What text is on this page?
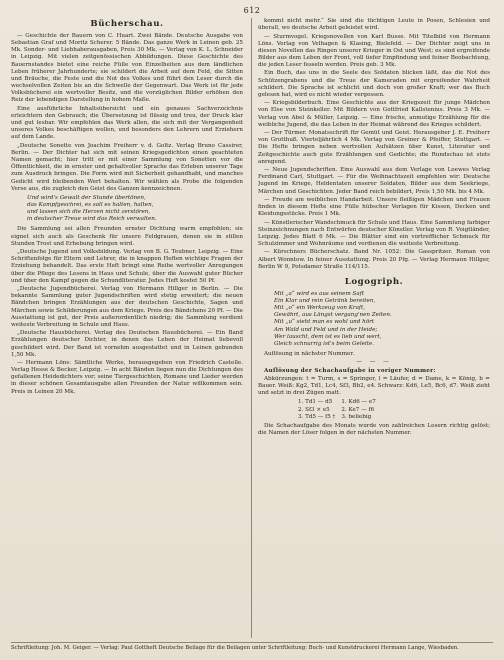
612
Bücherschau.
— Geschichte der Bauern von C. Huart. Zwei Bände. Deutsche Ausgabe von Sebastian Graf und Moritz Scherer. 5 Bände. Das ganze Werk in Leinen geb. 25 Mk. Sonder- und Liebhaberausgaben, Preis 30 Mk. — Verlag von K. L. Schneider in Leipzig. Mit vielen zeitgenössischen Abbildungen. Diese Geschichte des Bauernstandes bietet eine reiche Fülle von Einzelheiten aus dem ländlichen Leben früherer Jahrhunderte; sie schildert die Arbeit auf dem Feld, die Sitten und Bräuche, die Feste und die Not des Volkes und führt den Leser durch die wechselvollen Zeiten bis an die Schwelle der Gegenwart. Das Werk ist für jede Volksbücherei ein wertvoller Besitz, und die vorzüglichen Bilder erhöhen den Reiz der lebendigen Darstellung in hohem Maße.
Eine ausführliche Inhaltsübersicht und ein genaues Sachverzeichnis erleichtern den Gebrauch; die Übersetzung ist flüssig und treu, der Druck klar und gut lesbar. Wir empfehlen das Werk allen, die sich mit der Vergangenheit unseres Volkes beschäftigen wollen, und besonders den Lehrern und Erziehern auf dem Lande.
„Deutsche Sonette von Joachim Freiherr v. d. Goltz. Verlag Bruno Cassirer, Berlin. — Der Dichter hat sich mit seinen Kriegsgedichten einen geachteten Namen gemacht; hier tritt er mit einer Sammlung von Sonetten vor die Öffentlichkeit, die in ernster und gehaltvoller Sprache das Erleben unserer Tage zum Ausdruck bringen. Die Form wird mit Sicherheit gehandhabt, und manches Gedicht wird bleibenden Wert behalten. Wir wählen als Probe die folgenden Verse aus, die zugleich den Geist des Ganzen kennzeichnen.
Und wird's Gewalt der Stunde übertönen,
das Kampfgeschrei, es soll es halten, halten,
und lassen sich die Herzen nicht zerstören,
in deutscher Treue wird das Reich verwalten.
Die Sammlung sei allen Freunden ernster Dichtung warm empfohlen; sie eignet sich auch als Geschenk für unsere Feldgrauen, denen sie in stillen Stunden Trost und Erhebung bringen wird.
„Deutsche Jugend und Volksbildung. Verlag von B. G. Teubner, Leipzig. — Eine Schriftenfolge für Eltern und Lehrer, die in knappen Heften wichtige Fragen der Erziehung behandelt. Das erste Heft bringt eine Reihe wertvoller Anregungen über die Pflege des Lesens in Haus und Schule, über die Auswahl guter Bücher und über den Kampf gegen die Schundliteratur. Jedes Heft kostet 50 Pf.
„Deutsche Jugendbücherei. Verlag von Hermann Hillger in Berlin. — Die bekannte Sammlung guter Jugendschriften wird stetig erweitert; die neuen Bändchen bringen Erzählungen aus der deutschen Geschichte, Sagen und Märchen sowie Schilderungen aus dem Kriege. Preis des Bändchens 20 Pf. — Die Ausstattung ist gut, der Preis außerordentlich niedrig; die Sammlung verdient weiteste Verbreitung in Schule und Haus.
„Deutsche Hausbücherei. Verlag des Deutschen Hausbücherei. — Ein Band Erzählungen deutscher Dichter, in denen das Leben der Heimat liebevoll geschildert wird. Der Band ist vornehm ausgestattet und in Leinen gebunden 1,50 Mk.
— Hermann Löns: Sämtliche Werke, herausgegeben von Friedrich Castelle. Verlag Hesse & Becker, Leipzig. — In acht Bänden liegen nun die Dichtungen des gefallenen Heidedichters vor; seine Tiergeschichten, Romane und Lieder werden in dieser schönen Gesamtausgabe allen Freunden der Natur willkommen sein. Preis in Leinen 20 Mk.
kommt nicht mehr.“ Sie sind die tüchtigen Leute in Posen, Schlesien und überall, wo deutsche Arbeit geleistet wird.
— Sturmvogel. Kriegsnovellen von Karl Busse. Mit Titelbild von Hermann Löns. Verlag von Velhagen & Klasing, Bielefeld. — Der Dichter zeigt uns in diesen Novellen das Ringen unserer Krieger in Ost und West; es sind ergreifende Bilder aus dem Leben der Front, voll tiefer Empfindung und feiner Beobachtung, die jeden Leser fesseln werden. Preis geb. 3 Mk.
Ein Buch, das uns in die Seele des Soldaten blicken läßt, das die Not des Schützengrabens und die Treue der Kameraden mit ergreifender Wahrheit schildert. Die Sprache ist schlicht und doch von großer Kraft; wer das Buch gelesen hat, wird es nicht wieder vergessen.
— Kriegsbilderbuch. Eine Geschichte aus der Kriegszeit für junge Mädchen von Else von Steinkeller. Mit Bildern von Gottfried Kallstenius. Preis 3 Mk. — Verlag von Abel & Müller, Leipzig. — Eine frische, anmutige Erzählung für die weibliche Jugend, die das Leben in der Heimat während des Krieges schildert.
— Der Türmer. Monatsschrift für Gemüt und Geist. Herausgeber J. E. Freiherr von Grotthuß. Vierteljährlich 4 Mk. Verlag von Greiner & Pfeiffer, Stuttgart. — Die Hefte bringen neben wertvollen Aufsätzen über Kunst, Literatur und Zeitgeschichte auch gute Erzählungen und Gedichte; die Rundschau ist stets anregend.
— Neue Jugendschriften. Eine Auswahl aus dem Verlage von Loewes Verlag Ferdinand Carl, Stuttgart. — Für die Weihnachtszeit empfehlen wir: Deutsche Jugend im Kriege, Heldentaten unserer Soldaten, Bilder aus dem Seekriege, Märchen und Geschichten. Jeder Band reich bebildert, Preis 1,50 Mk. bis 4 Mk.
— Freude am weiblichen Handarbeit. Unsere fleißigen Mädchen und Frauen finden in diesem Hefte eine Fülle hübscher Vorlagen für Kissen, Decken und Kleidungsstücke. Preis 1 Mk.
— Künstlerischer Wandschmuck für Schule und Haus. Eine Sammlung farbiger Steinzeichnungen nach Entwürfen deutscher Künstler. Verlag von R. Voigtländer, Leipzig. Jedes Blatt 6 Mk. — Die Blätter sind ein vortrefflicher Schmuck für Schulzimmer und Wohnräume und verdienen die weiteste Verbreitung.
— Kürschners Bücherschatz. Band Nr. 1052: Die Gasspritzer. Roman von Albert Wonntow. In feiner Ausstattung. Preis 20 Pfg. — Verlag Hermann Hillger, Berlin W 9, Potsdamer Straße 114/115.
Logogriph.
Mit „a“ wird es aus seinem Saft
Ein Klar und rein Getränk bereiten,
Mit „o“ ein Werkzeug von Kraft,
Gewährt, aus Längst vergang'nen Zeiten.
Mit „u“ sieht man es wohl und hört
Am Wald und Feld und in der Heide;
Wer lauscht, dem ist es lieb und wert,
Gleich schnurrig ist's beim Geleite.
Auflösung in nächster Nummer.
— — —
Auflösung der Schachaufgabe in voriger Nummer:
Abkürzungen: t = Turm, s = Springer, l = Läufer, d = Dame, k = König, b = Bauer. Weiß: Kg2, Td1, Lc4, Sf3, Bb2, e4. Schwarz: Kd6, Le5, Bc6, d7. Weiß zieht und setzt in drei Zügen matt.
1. Td1 — d5	1. Kd6 — e7
2. Sf3 × e5	2. Ke7 — f6
3. Td5 — f5 †	3. beliebig
Die Schachaufgabe des Monats wurde von zahlreichen Lesern richtig gelöst; die Namen der Löser folgen in der nächsten Nummer.
Schriftleitung: Joh. M. Geiger. — Verlag: Paul Gottheft Deutsche Beilage für die Beilagen unter Schriftleitung: Buch- und Kunstdruckerei Hermann Lange, Wiesbaden.
